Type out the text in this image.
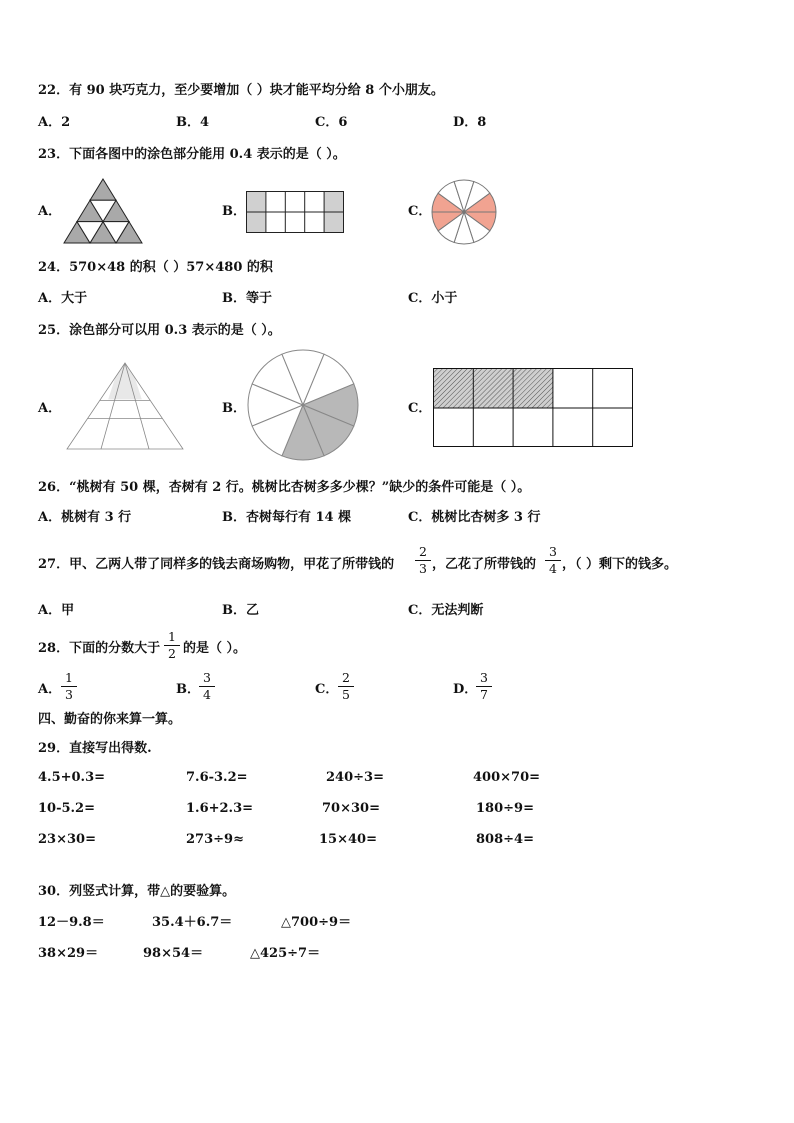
22．有 90 块巧克力，至少要增加（ ）块才能平均分给 8 个小朋友。
A．2	B．4	C．6	D．8
23．下面各图中的涂色部分能用 0.4 表示的是（ ）。
A．	B．	C．
24．570×48 的积（ ）57×480 的积
A．大于	B．等于	C．小于
25．涂色部分可以用 0.3 表示的是（ ）。
A．	B．	C．
26．“桃树有 50 棵，杏树有 2 行。桃树比杏树多多少棵？”缺少的条件可能是（ ）。
A．桃树有 3 行	B．杏树每行有 14 棵	C．桃树比杏树多 3 行
27．甲、乙两人带了同样多的钱去商场购物，甲花了所带钱的
2
3 ，乙花了所带钱的
3
4 ，（ ）剩下的钱多。
A．甲	B．乙	C．无法判断
28．下面的分数大于
1
2 的是（ ）。
A．
1
3	B．
3
4	C．
2
5	D．
3
7
四、勤奋的你来算一算。
29．直接写出得数.
4.5+0.3=	7.6-3.2=	240÷3=	400×70=
10-5.2=	1.6+2.3=	70×30=	180÷9=
23×30=	273÷9≈	15×40=	808÷4=
30．列竖式计算，带△的要验算。
12－9.8＝	35.4＋6.7＝	△700÷9＝
38×29＝	98×54＝	△425÷7＝
